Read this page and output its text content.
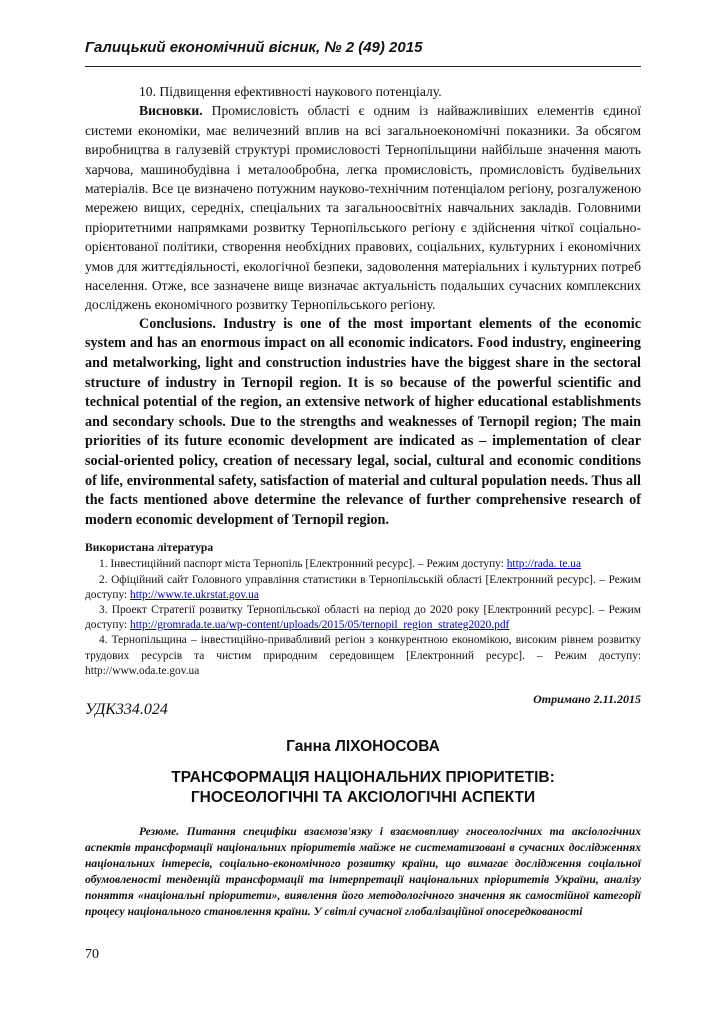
Галицький економічний вісник, № 2 (49) 2015

10. Підвищення ефективності наукового потенціалу.

Висновки. Промисловість області є одним із найважливіших елементів єдиної системи економіки, має величезний вплив на всі загальноекономічні показники. За обсягом виробництва в галузевій структурі промисловості Тернопільщини найбільше значення мають харчова, машинобудівна і металообробна, легка промисловість, промисловість будівельних матеріалів. Все це визначено потужним науково-технічним потенціалом регіону, розгалуженою мережею вищих, середніх, спеціальних та загальноосвітніх навчальних закладів. Головними пріоритетними напрямками розвитку Тернопільського регіону є здійснення чіткої соціально-орієнтованої політики, створення необхідних правових, соціальних, культурних і економічних умов для життєдіяльності, екологічної безпеки, задоволення матеріальних і культурних потреб населення. Отже, все зазначене вище визначає актуальність подальших сучасних комплексних досліджень економічного розвитку Тернопільського регіону.

Conclusions. Industry is one of the most important elements of the economic system and has an enormous impact on all economic indicators. Food industry, engineering and metalworking, light and construction industries have the biggest share in the sectoral structure of industry in Ternopil region. It is so because of the powerful scientific and technical potential of the region, an extensive network of higher educational establishments and secondary schools. Due to the strengths and weaknesses of Ternopil region; The main priorities of its future economic development are indicated as – implementation of clear social-oriented policy, creation of necessary legal, social, cultural and economic conditions of life, environmental safety, satisfaction of material and cultural population needs. Thus all the facts mentioned above determine the relevance of further comprehensive research of modern economic development of Ternopil region.

Використана література

1. Інвестиційний паспорт міста Тернопіль [Електронний ресурс]. – Режим доступу: http://rada. te.ua

2. Офіційний сайт Головного управління статистики в Тернопільській області [Електронний ресурс]. – Режим доступу: http://www.te.ukrstat.gov.ua

3. Проект Стратегії розвитку Тернопільської області на період до 2020 року [Електронний ресурс]. – Режим доступу: http://gromrada.te.ua/wp-content/uploads/2015/05/ternopil_region_strateg2020.pdf

4. Тернопільщина – інвестиційно-привабливий регіон з конкурентною економікою, високим рівнем розвитку трудових ресурсів та чистим природним середовищем [Електронний ресурс]. – Режим доступу: http://www.oda.te.gov.ua

Отримано 2.11.2015
УДК334.024
Ганна ЛІХОНОСОВА
ТРАНСФОРМАЦІЯ НАЦІОНАЛЬНИХ ПРІОРИТЕТІВ:
ГНОСЕОЛОГІЧНІ ТА АКСІОЛОГІЧНІ АСПЕКТИ

Резюме. Питання специфіки взаємозв'язку і взаємовпливу гносеологічних та аксіологічних аспектів трансформації національних пріоритетів майже не систематизовані в сучасних дослідженнях національних інтересів, соціально-економічного розвитку країни, що вимагає дослідження соціальної обумовленості тенденцій трансформації та інтерпретації національних пріоритетів України, аналізу поняття «національні пріоритети», виявлення його методологічного значення як самостійної категорії процесу національного становлення країни. У світлі сучасної глобалізаційної опосередкованості

70
